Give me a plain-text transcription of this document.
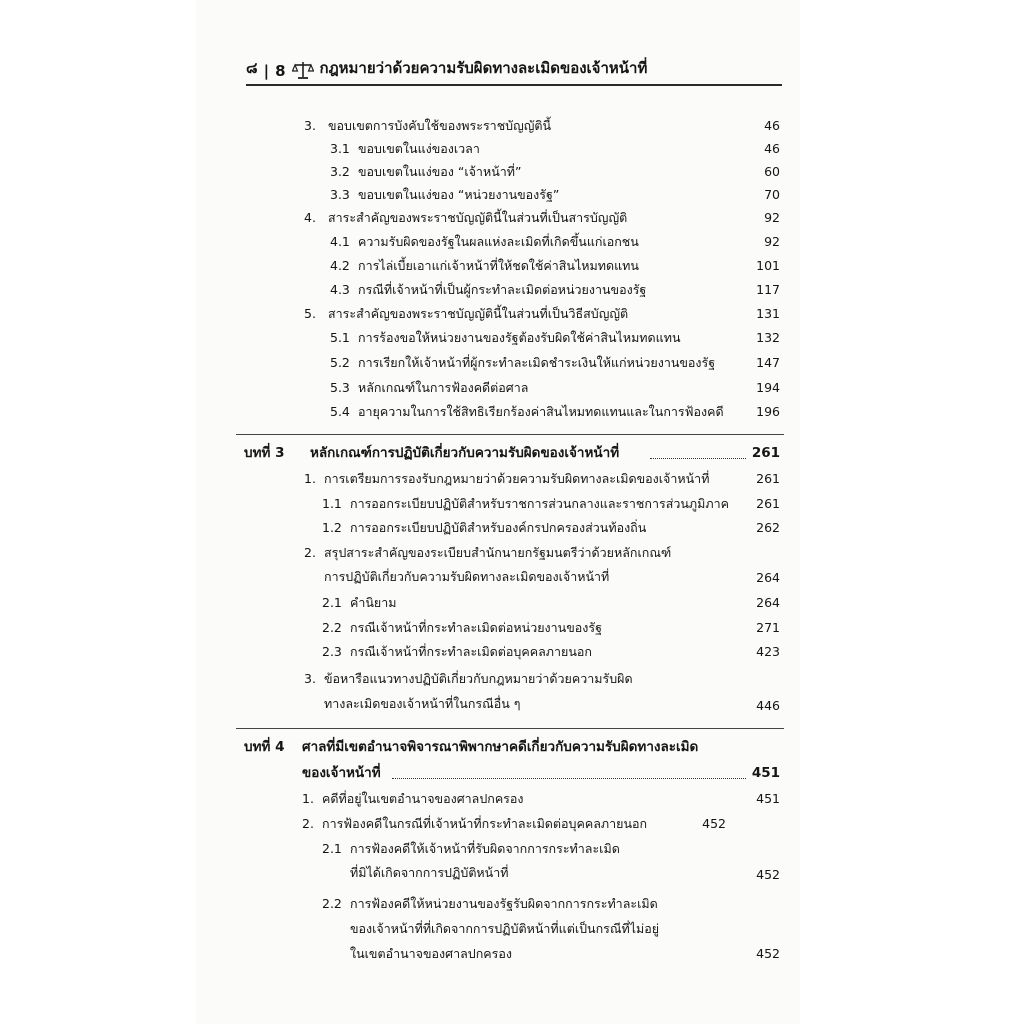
๘ | 8 กฎหมายว่าด้วยความรับผิดทางละเมิดของเจ้าหน้าที่
3. ขอบเขตการบังคับใช้ของพระราชบัญญัตินี้	46
3.1 ขอบเขตในแง่ของเวลา	46
3.2 ขอบเขตในแง่ของ “เจ้าหน้าที่”	60
3.3 ขอบเขตในแง่ของ “หน่วยงานของรัฐ”	70
4. สาระสำคัญของพระราชบัญญัตินี้ในส่วนที่เป็นสารบัญญัติ	92
4.1 ความรับผิดของรัฐในผลแห่งละเมิดที่เกิดขึ้นแก่เอกชน	92
4.2 การไล่เบี้ยเอาแก่เจ้าหน้าที่ให้ชดใช้ค่าสินไหมทดแทน	101
4.3 กรณีที่เจ้าหน้าที่เป็นผู้กระทำละเมิดต่อหน่วยงานของรัฐ	117
5. สาระสำคัญของพระราชบัญญัตินี้ในส่วนที่เป็นวิธีสบัญญัติ	131
5.1 การร้องขอให้หน่วยงานของรัฐต้องรับผิดใช้ค่าสินไหมทดแทน	132
5.2 การเรียกให้เจ้าหน้าที่ผู้กระทำละเมิดชำระเงินให้แก่หน่วยงานของรัฐ	147
5.3 หลักเกณฑ์ในการฟ้องคดีต่อศาล	194
5.4 อายุความในการใช้สิทธิเรียกร้องค่าสินไหมทดแทนและในการฟ้องคดี	196
บทที่ 3 หลักเกณฑ์การปฏิบัติเกี่ยวกับความรับผิดของเจ้าหน้าที่	261
1. การเตรียมการรองรับกฎหมายว่าด้วยความรับผิดทางละเมิดของเจ้าหน้าที่	261
1.1 การออกระเบียบปฏิบัติสำหรับราชการส่วนกลางและราชการส่วนภูมิภาค	261
1.2 การออกระเบียบปฏิบัติสำหรับองค์กรปกครองส่วนท้องถิ่น	262
2. สรุปสาระสำคัญของระเบียบสำนักนายกรัฐมนตรีว่าด้วยหลักเกณฑ์
การปฏิบัติเกี่ยวกับความรับผิดทางละเมิดของเจ้าหน้าที่	264
2.1 คำนิยาม	264
2.2 กรณีเจ้าหน้าที่กระทำละเมิดต่อหน่วยงานของรัฐ	271
2.3 กรณีเจ้าหน้าที่กระทำละเมิดต่อบุคคลภายนอก	423
3. ข้อหารือแนวทางปฏิบัติเกี่ยวกับกฎหมายว่าด้วยความรับผิด
ทางละเมิดของเจ้าหน้าที่ในกรณีอื่น ๆ	446
บทที่ 4 ศาลที่มีเขตอำนาจพิจารณาพิพากษาคดีเกี่ยวกับความรับผิดทางละเมิด
ของเจ้าหน้าที่	451
1. คดีที่อยู่ในเขตอำนาจของศาลปกครอง	451
2. การฟ้องคดีในกรณีที่เจ้าหน้าที่กระทำละเมิดต่อบุคคลภายนอก	452
2.1 การฟ้องคดีให้เจ้าหน้าที่รับผิดจากการกระทำละเมิด
ที่มิได้เกิดจากการปฏิบัติหน้าที่	452
2.2 การฟ้องคดีให้หน่วยงานของรัฐรับผิดจากการกระทำละเมิด
ของเจ้าหน้าที่ที่เกิดจากการปฏิบัติหน้าที่แต่เป็นกรณีที่ไม่อยู่
ในเขตอำนาจของศาลปกครอง	452
